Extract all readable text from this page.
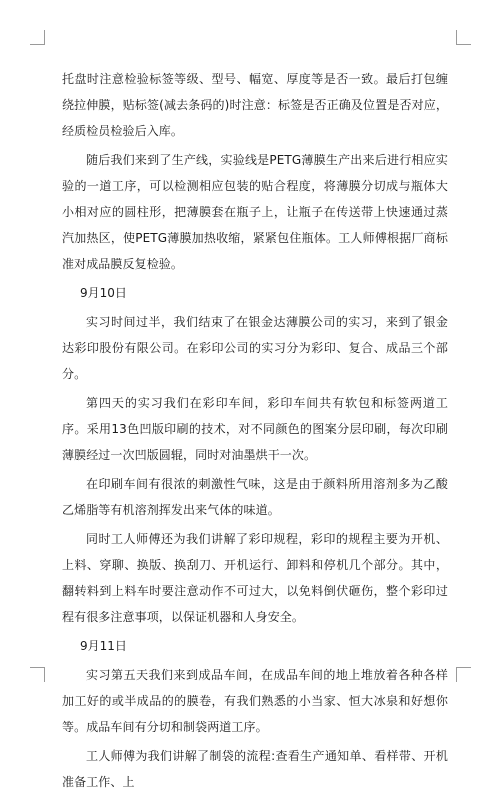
托盘时注意检验标签等级、型号、幅宽、厚度等是否一致。最后打包缠绕拉伸膜，贴标签(减去条码的)时注意：标签是否正确及位置是否对应，经质检员检验后入库。

随后我们来到了生产线，实验线是PETG薄膜生产出来后进行相应实验的一道工序，可以检测相应包装的贴合程度，将薄膜分切成与瓶体大小相对应的圆柱形，把薄膜套在瓶子上，让瓶子在传送带上快速通过蒸汽加热区，使PETG薄膜加热收缩，紧紧包住瓶体。工人师傅根据厂商标准对成品膜反复检验。

9月10日

实习时间过半，我们结束了在银金达薄膜公司的实习，来到了银金达彩印股份有限公司。在彩印公司的实习分为彩印、复合、成品三个部分。

第四天的实习我们在彩印车间，彩印车间共有软包和标签两道工序。采用13色凹版印刷的技术，对不同颜色的图案分层印刷，每次印刷薄膜经过一次凹版圆辊，同时对油墨烘干一次。

在印刷车间有很浓的刺激性气味，这是由于颜料所用溶剂多为乙酸乙烯脂等有机溶剂挥发出来气体的味道。

同时工人师傅还为我们讲解了彩印规程，彩印的规程主要为开机、上料、穿聊、换版、换刮刀、开机运行、卸料和停机几个部分。其中，翻转料到上料车时要注意动作不可过大，以免料倒伏砸伤，整个彩印过程有很多注意事项，以保证机器和人身安全。

9月11日

实习第五天我们来到成品车间，在成品车间的地上堆放着各种各样加工好的或半成品的的膜卷，有我们熟悉的小当家、恒大冰泉和好想你等。成品车间有分切和制袋两道工序。

工人师傅为我们讲解了制袋的流程:查看生产通知单、看样带、开机准备工作、上
